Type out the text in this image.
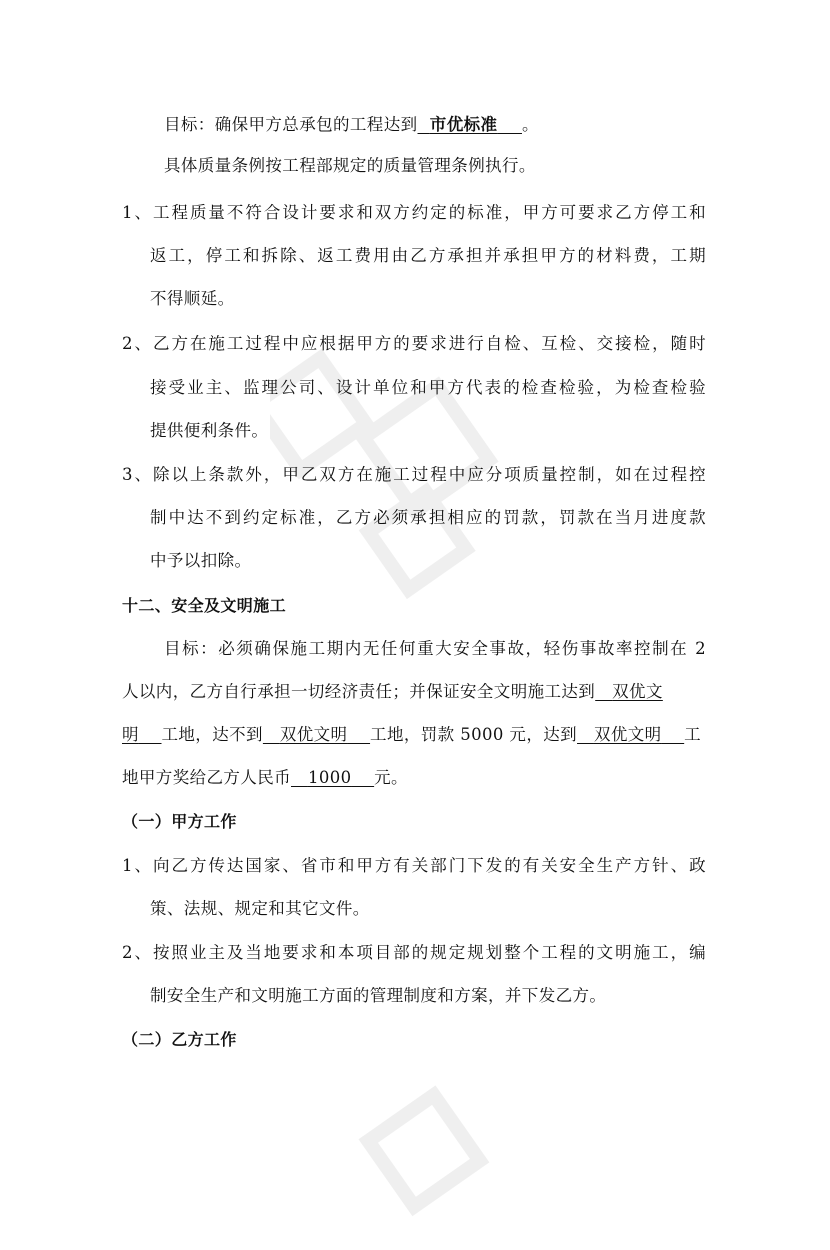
目标：确保甲方总承包的工程达到 市优标准 。

具体质量条例按工程部规定的质量管理条例执行。

1、工程质量不符合设计要求和双方约定的标准，甲方可要求乙方停工和

返工，停工和拆除、返工费用由乙方承担并承担甲方的材料费，工期

不得顺延。

2、乙方在施工过程中应根据甲方的要求进行自检、互检、交接检，随时

接受业主、监理公司、设计单位和甲方代表的检查检验，为检查检验

提供便利条件。

3、除以上条款外，甲乙双方在施工过程中应分项质量控制，如在过程控

制中达不到约定标准，乙方必须承担相应的罚款，罚款在当月进度款

中予以扣除。

十二、安全及文明施工

目标：必须确保施工期内无任何重大安全事故，轻伤事故率控制在 2

人以内，乙方自行承担一切经济责任；并保证安全文明施工达到 双优文

明 工地，达不到 双优文明 工地，罚款 5000 元，达到 双优文明 工

地甲方奖给乙方人民币 1000 元。

（一）甲方工作

1、向乙方传达国家、省市和甲方有关部门下发的有关安全生产方针、政

策、法规、规定和其它文件。

2、按照业主及当地要求和本项目部的规定规划整个工程的文明施工，编

制安全生产和文明施工方面的管理制度和方案，并下发乙方。

（二）乙方工作
